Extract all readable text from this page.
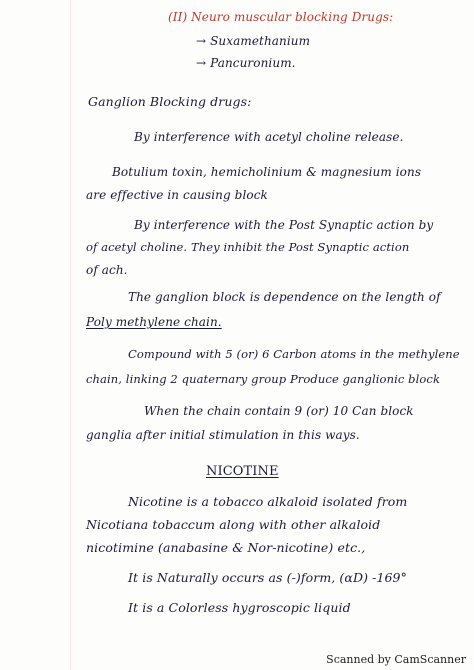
(II) Neuro muscular blocking Drugs:
→ Suxamethanium
→ Pancuronium.
Ganglion Blocking drugs:
By interference with acetyl choline release.
Botulium toxin, hemicholinium & magnesium ions
are effective in causing block
By interference with the Post Synaptic action by
of acetyl choline. They inhibit the Post Synaptic action
of ach.
The ganglion block is dependence on the length of
Poly methylene chain.
Compound with 5 (or) 6 Carbon atoms in the methylene
chain, linking 2 quaternary group Produce ganglionic block
When the chain contain 9 (or) 10 Can block
ganglia after initial stimulation in this ways.
NICOTINE
Nicotine is a tobacco alkaloid isolated from
Nicotiana tobaccum along with other alkaloid
nicotimine (anabasine & Nor-nicotine) etc.,
It is Naturally occurs as (-)form, (αD) -169°
It is a Colorless hygroscopic liquid
Scanned by CamScanner
